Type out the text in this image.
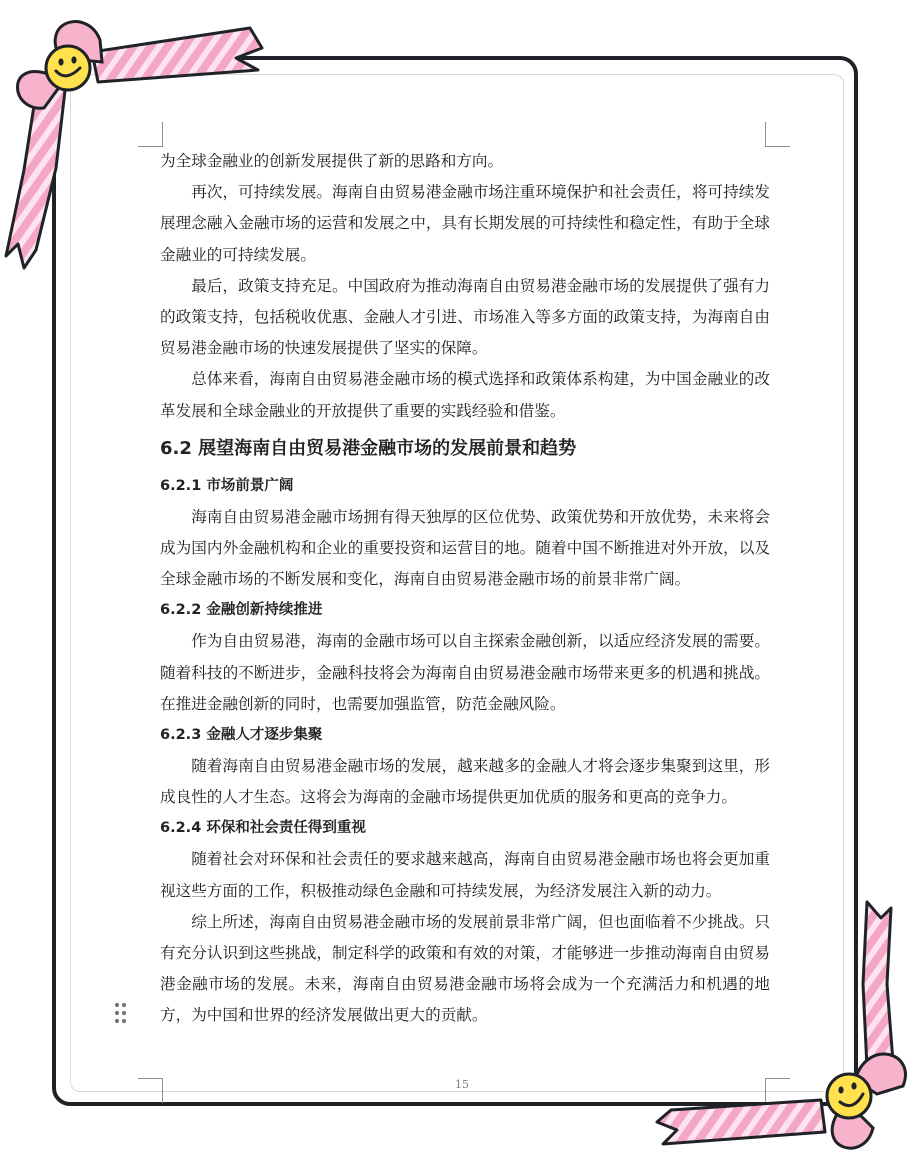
为全球金融业的创新发展提供了新的思路和方向。

再次，可持续发展。海南自由贸易港金融市场注重环境保护和社会责任，将可持续发展理念融入金融市场的运营和发展之中，具有长期发展的可持续性和稳定性，有助于全球金融业的可持续发展。

最后，政策支持充足。中国政府为推动海南自由贸易港金融市场的发展提供了强有力的政策支持，包括税收优惠、金融人才引进、市场准入等多方面的政策支持，为海南自由贸易港金融市场的快速发展提供了坚实的保障。

总体来看，海南自由贸易港金融市场的模式选择和政策体系构建，为中国金融业的改革发展和全球金融业的开放提供了重要的实践经验和借鉴。

6.2 展望海南自由贸易港金融市场的发展前景和趋势
6.2.1 市场前景广阔

海南自由贸易港金融市场拥有得天独厚的区位优势、政策优势和开放优势，未来将会成为国内外金融机构和企业的重要投资和运营目的地。随着中国不断推进对外开放，以及全球金融市场的不断发展和变化，海南自由贸易港金融市场的前景非常广阔。

6.2.2 金融创新持续推进

作为自由贸易港，海南的金融市场可以自主探索金融创新，以适应经济发展的需要。随着科技的不断进步，金融科技将会为海南自由贸易港金融市场带来更多的机遇和挑战。在推进金融创新的同时，也需要加强监管，防范金融风险。

6.2.3 金融人才逐步集聚

随着海南自由贸易港金融市场的发展，越来越多的金融人才将会逐步集聚到这里，形成良性的人才生态。这将会为海南的金融市场提供更加优质的服务和更高的竞争力。

6.2.4 环保和社会责任得到重视

随着社会对环保和社会责任的要求越来越高，海南自由贸易港金融市场也将会更加重视这些方面的工作，积极推动绿色金融和可持续发展，为经济发展注入新的动力。

综上所述，海南自由贸易港金融市场的发展前景非常广阔，但也面临着不少挑战。只有充分认识到这些挑战，制定科学的政策和有效的对策，才能够进一步推动海南自由贸易港金融市场的发展。未来，海南自由贸易港金融市场将会成为一个充满活力和机遇的地方，为中国和世界的经济发展做出更大的贡献。

15
